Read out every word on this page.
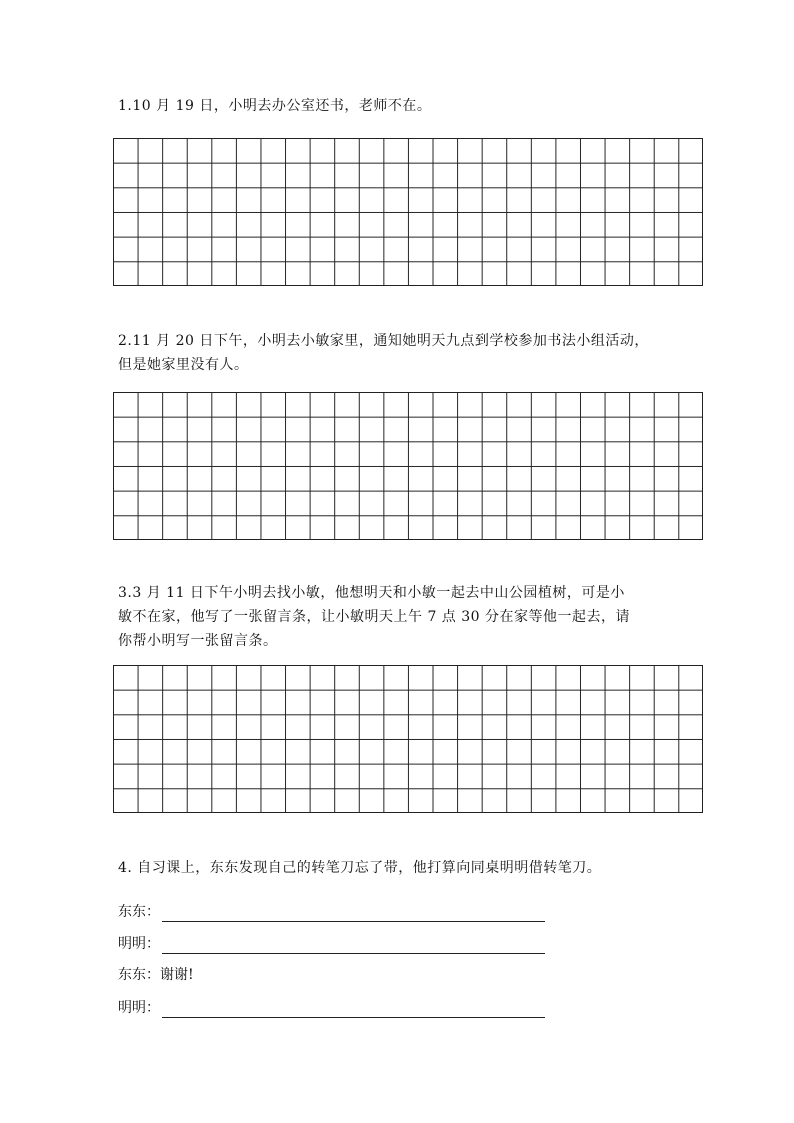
1.10 月 19 日，小明去办公室还书，老师不在。
2.11 月 20 日下午，小明去小敏家里，通知她明天九点到学校参加书法小组活动，
但是她家里没有人。
3.3 月 11 日下午小明去找小敏，他想明天和小敏一起去中山公园植树，可是小
敏不在家，他写了一张留言条，让小敏明天上午 7 点 30 分在家等他一起去，请
你帮小明写一张留言条。
4. 自习课上，东东发现自己的转笔刀忘了带，他打算向同桌明明借转笔刀。
东东：
明明：
东东： 谢谢!
明明：
